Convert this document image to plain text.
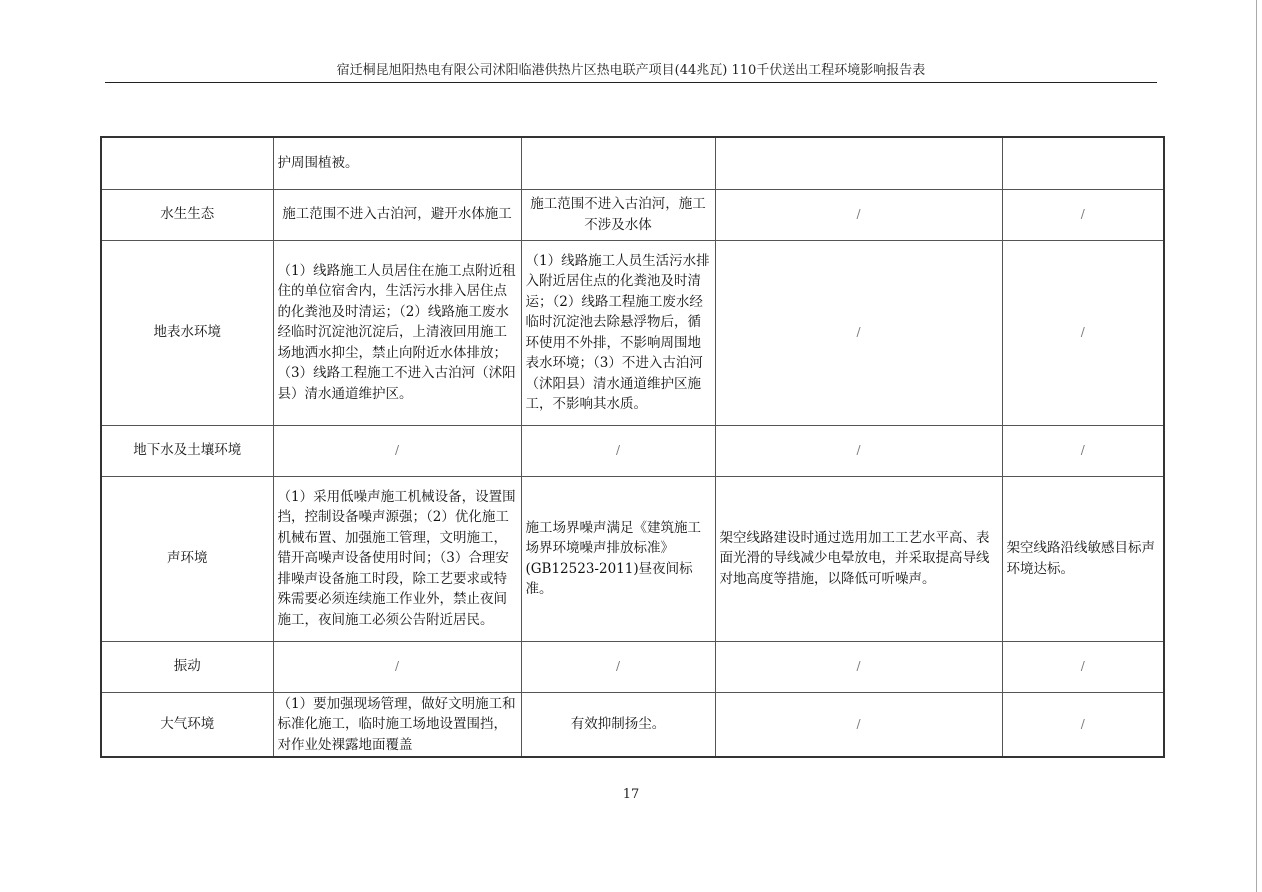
宿迁桐昆旭阳热电有限公司沭阳临港供热片区热电联产项目(44兆瓦) 110千伏送出工程环境影响报告表
	护周围植被。			
水生生态	施工范围不进入古泊河，避开水体施工	施工范围不进入古泊河，施工不涉及水体	/	/
地表水环境	（1）线路施工人员居住在施工点附近租住的单位宿舍内，生活污水排入居住点的化粪池及时清运；（2）线路施工废水经临时沉淀池沉淀后，上清液回用施工场地洒水抑尘，禁止向附近水体排放；（3）线路工程施工不进入古泊河（沭阳县）清水通道维护区。	（1）线路施工人员生活污水排入附近居住点的化粪池及时清运；（2）线路工程施工废水经临时沉淀池去除悬浮物后，循环使用不外排，不影响周围地表水环境；（3）不进入古泊河（沭阳县）清水通道维护区施工，不影响其水质。	/	/
地下水及土壤环境	/	/	/	/
声环境	（1）采用低噪声施工机械设备，设置围挡，控制设备噪声源强；（2）优化施工机械布置、加强施工管理，文明施工，错开高噪声设备使用时间；（3）合理安排噪声设备施工时段，除工艺要求或特殊需要必须连续施工作业外，禁止夜间施工，夜间施工必须公告附近居民。	施工场界噪声满足《建筑施工场界环境噪声排放标准》(GB12523-2011)昼夜间标准。	架空线路建设时通过选用加工工艺水平高、表面光滑的导线减少电晕放电，并采取提高导线对地高度等措施，以降低可听噪声。	架空线路沿线敏感目标声环境达标。
振动	/	/	/	/
大气环境	（1）要加强现场管理，做好文明施工和标准化施工，临时施工场地设置围挡，对作业处裸露地面覆盖	有效抑制扬尘。	/	/
17
